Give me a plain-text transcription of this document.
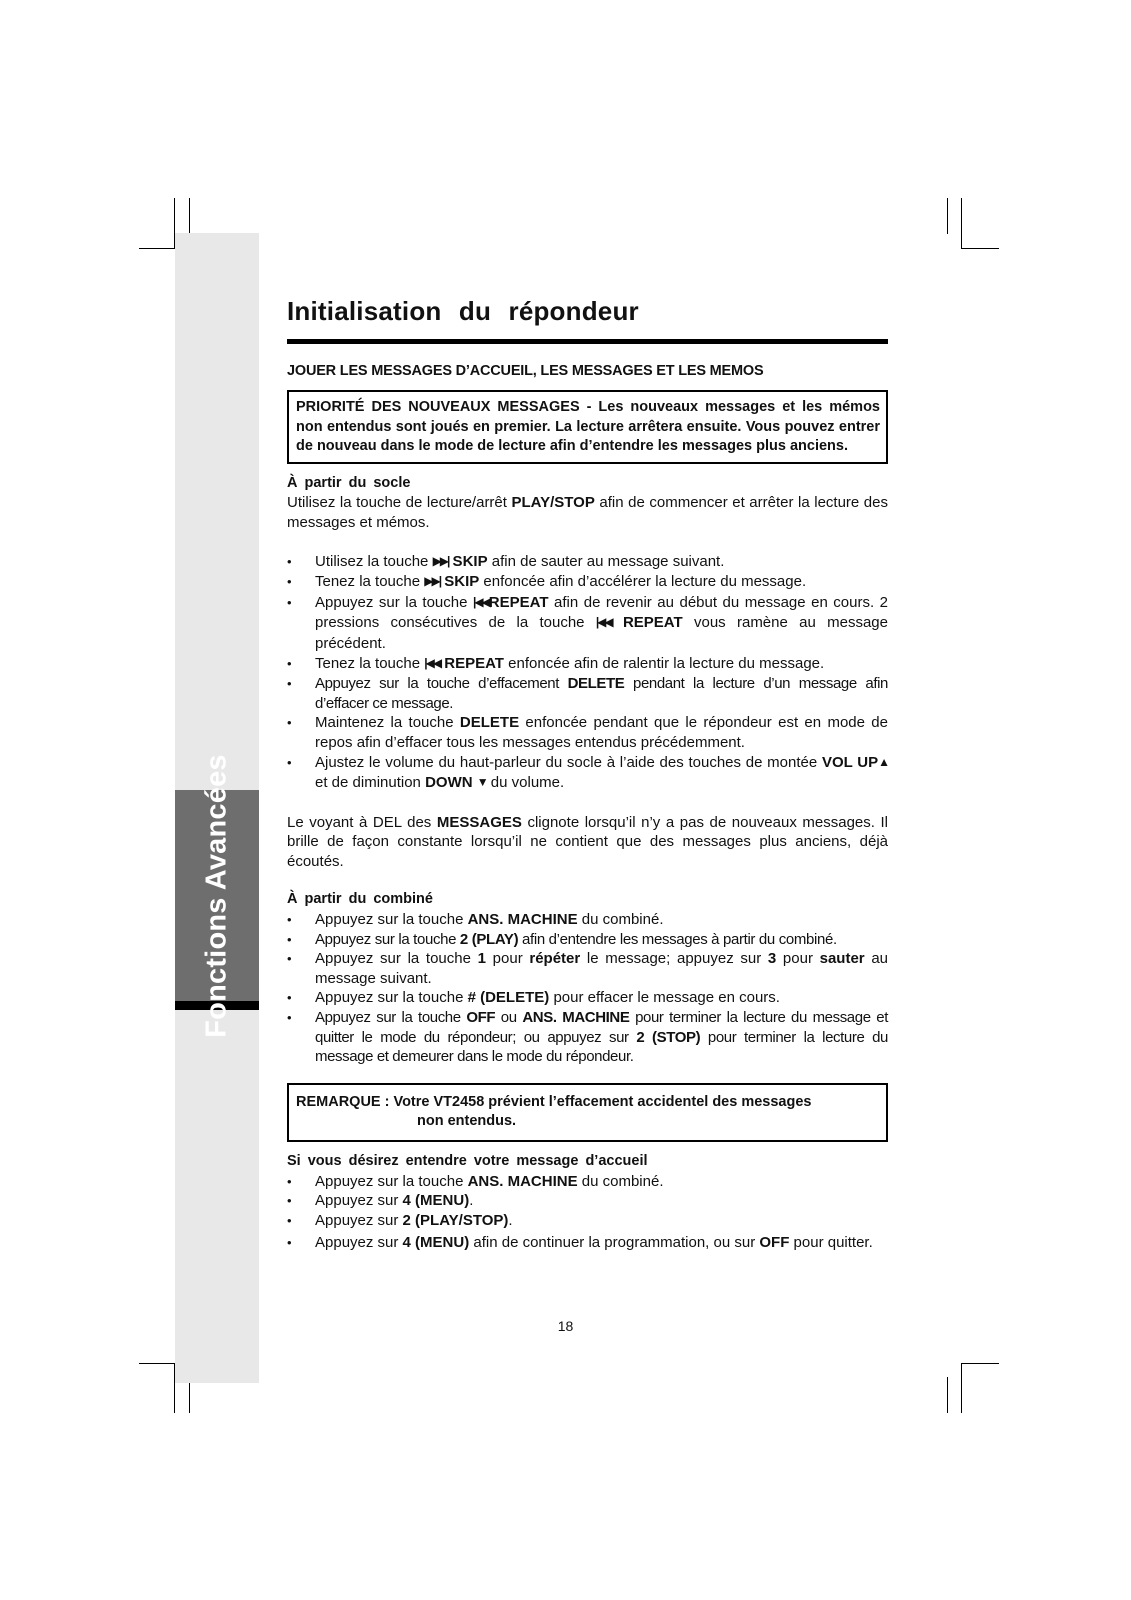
Fonctions Avancées
Initialisation du répondeur
JOUER LES MESSAGES D’ACCUEIL, LES MESSAGES ET LES MEMOS
PRIORITÉ DES NOUVEAUX MESSAGES - Les nouveaux messages et les mémos non entendus sont joués en premier. La lecture arrêtera ensuite. Vous pouvez entrer de nouveau dans le mode de lecture afin d’entendre les messages plus anciens.
À partir du socle

Utilisez la touche de lecture/arrêt PLAY/STOP afin de commencer et arrêter la lecture des messages et mémos.

• Utilisez la touche ▶▶| SKIP afin de sauter au message suivant.
• Tenez la touche ▶▶| SKIP enfoncée afin d’accélérer la lecture du message.
• Appuyez sur la touche |◀◀REPEAT afin de revenir au début du message en cours. 2 pressions consécutives de la touche |◀◀ REPEAT vous ramène au message précédent.
• Tenez la touche |◀◀ REPEAT enfoncée afin de ralentir la lecture du message.
• Appuyez sur la touche d’effacement DELETE pendant la lecture d’un message afin d’effacer ce message.
• Maintenez la touche DELETE enfoncée pendant que le répondeur est en mode de repos afin d’effacer tous les messages entendus précédemment.
• Ajustez le volume du haut-parleur du socle à l’aide des touches de montée VOL UP▲ et de diminution DOWN ▼ du volume.

Le voyant à DEL des MESSAGES clignote lorsqu’il n’y a pas de nouveaux messages. Il brille de façon constante lorsqu’il ne contient que des messages plus anciens, déjà écoutés.

À partir du combiné
• Appuyez sur la touche ANS. MACHINE du combiné.
• Appuyez sur la touche 2 (PLAY) afin d’entendre les messages à partir du combiné.
• Appuyez sur la touche 1 pour répéter le message; appuyez sur 3 pour sauter au message suivant.
• Appuyez sur la touche # (DELETE) pour effacer le message en cours.
• Appuyez sur la touche OFF ou ANS. MACHINE pour terminer la lecture du message et quitter le mode du répondeur; ou appuyez sur 2 (STOP) pour terminer la lecture du message et demeurer dans le mode du répondeur.
REMARQUE : Votre VT2458 prévient l’effacement accidentel des messages
non entendus.
Si vous désirez entendre votre message d’accueil
• Appuyez sur la touche ANS. MACHINE du combiné.
• Appuyez sur 4 (MENU).
• Appuyez sur 2 (PLAY/STOP).
• Appuyez sur 4 (MENU) afin de continuer la programmation, ou sur OFF pour quitter.
18
